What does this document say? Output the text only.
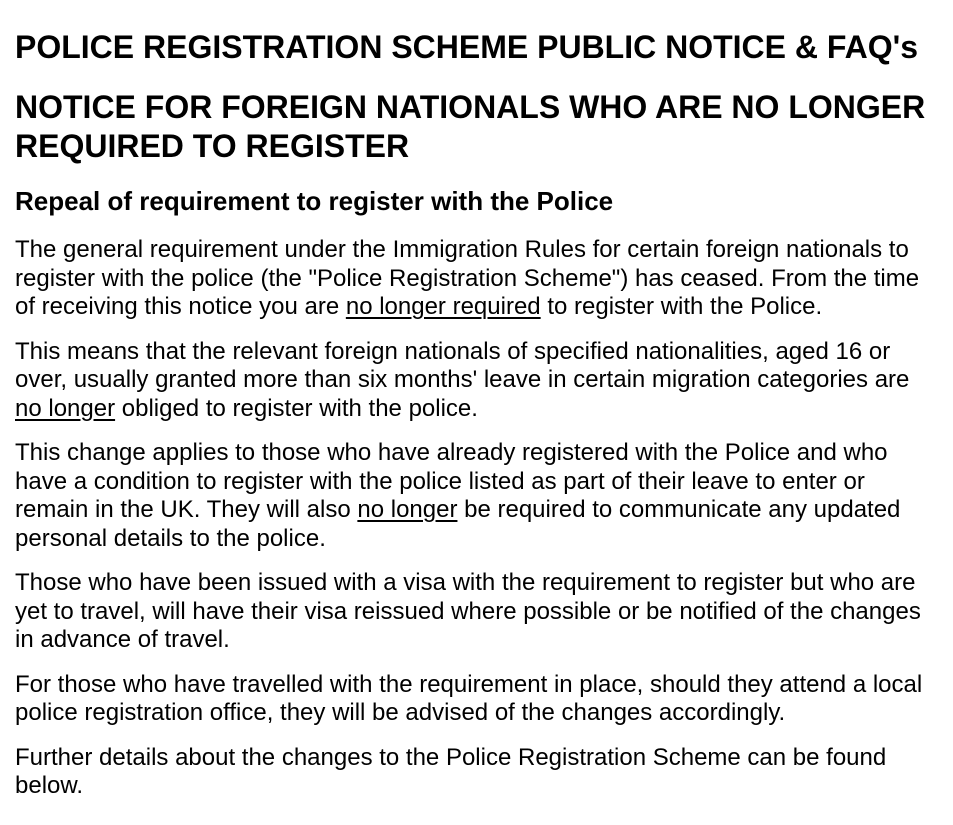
POLICE REGISTRATION SCHEME PUBLIC NOTICE & FAQ's
NOTICE FOR FOREIGN NATIONALS WHO ARE NO LONGER REQUIRED TO REGISTER
Repeal of requirement to register with the Police

The general requirement under the Immigration Rules for certain foreign nationals to register with the police (the "Police Registration Scheme") has ceased. From the time of receiving this notice you are no longer required to register with the Police.

This means that the relevant foreign nationals of specified nationalities, aged 16 or over, usually granted more than six months' leave in certain migration categories are no longer obliged to register with the police.

This change applies to those who have already registered with the Police and who have a condition to register with the police listed as part of their leave to enter or remain in the UK. They will also no longer be required to communicate any updated personal details to the police.

Those who have been issued with a visa with the requirement to register but who are yet to travel, will have their visa reissued where possible or be notified of the changes in advance of travel.

For those who have travelled with the requirement in place, should they attend a local police registration office, they will be advised of the changes accordingly.

Further details about the changes to the Police Registration Scheme can be found below.
